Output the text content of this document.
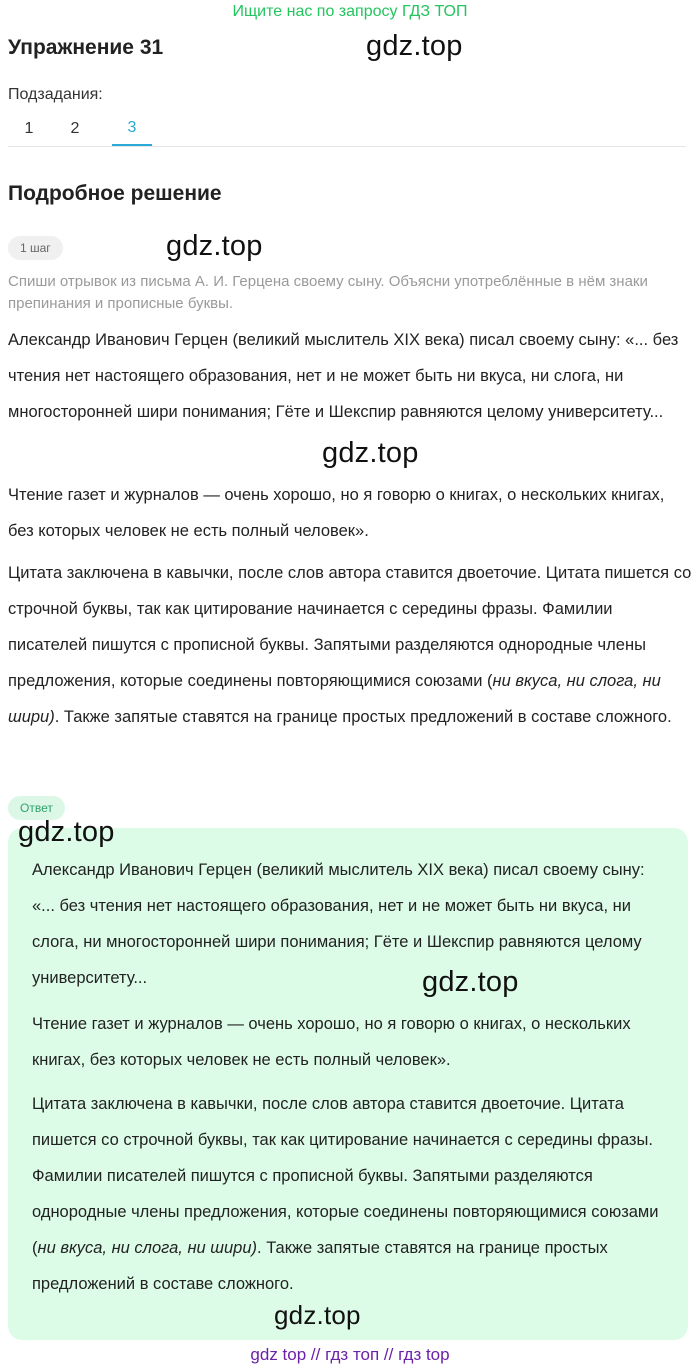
Ищите нас по запросу ГДЗ ТОП
Упражнение 31	gdz.top
Подзадания:
1	2	3
Подробное решение
1 шаг	gdz.top
Спиши отрывок из письма А. И. Герцена своему сыну. Объясни употреблённые в нём знаки препинания и прописные буквы.
Александр Иванович Герцен (великий мыслитель XIX века) писал своему сыну: «... без чтения нет настоящего образования, нет и не может быть ни вкуса, ни слога, ни многосторонней шири понимания; Гёте и Шекспир равняются целому университету...
gdz.top
Чтение газет и журналов — очень хорошо, но я говорю о книгах, о нескольких книгах, без которых человек не есть полный человек».
Цитата заключена в кавычки, после слов автора ставится двоеточие. Цитата пишется со строчной буквы, так как цитирование начинается с середины фразы. Фамилии писателей пишутся с прописной буквы. Запятыми разделяются однородные члены предложения, которые соединены повторяющимися союзами (ни вкуса, ни слога, ни шири). Также запятые ставятся на границе простых предложений в составе сложного.
Ответ
gdz.top
Александр Иванович Герцен (великий мыслитель XIX века) писал своему сыну: «... без чтения нет настоящего образования, нет и не может быть ни вкуса, ни слога, ни многосторонней шири понимания; Гёте и Шекспир равняются целому университету...	gdz.top
Чтение газет и журналов — очень хорошо, но я говорю о книгах, о нескольких книгах, без которых человек не есть полный человек».
Цитата заключена в кавычки, после слов автора ставится двоеточие. Цитата пишется со строчной буквы, так как цитирование начинается с середины фразы. Фамилии писателей пишутся с прописной буквы. Запятыми разделяются однородные члены предложения, которые соединены повторяющимися союзами (ни вкуса, ни слога, ни шири). Также запятые ставятся на границе простых предложений в составе сложного.
gdz.top
gdz top // гдз топ // гдз top
